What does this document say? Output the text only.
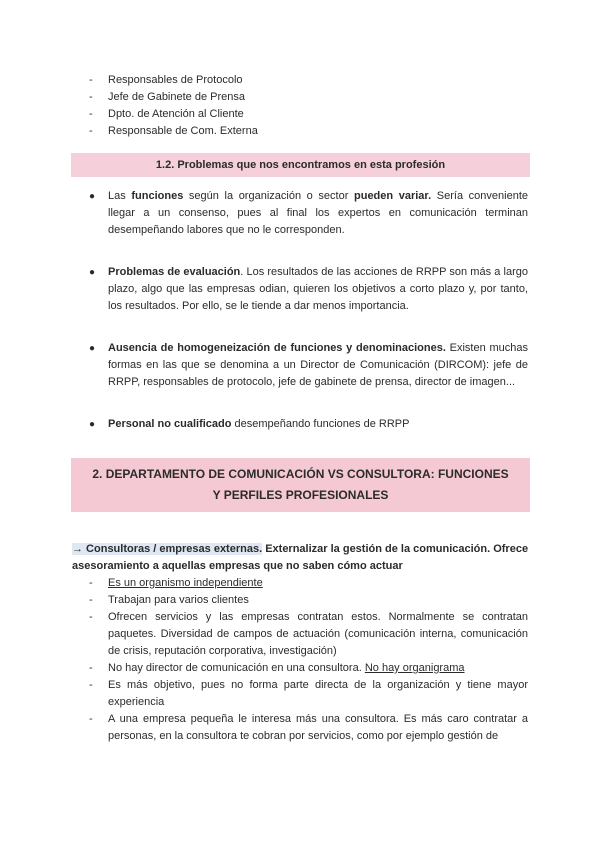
- Responsables de Protocolo
- Jefe de Gabinete de Prensa
- Dpto. de Atención al Cliente
- Responsable de Com. Externa
1.2. Problemas que nos encontramos en esta profesión
● Las funciones según la organización o sector pueden variar. Sería conveniente llegar a un consenso, pues al final los expertos en comunicación terminan desempeñando labores que no le corresponden.
● Problemas de evaluación. Los resultados de las acciones de RRPP son más a largo plazo, algo que las empresas odian, quieren los objetivos a corto plazo y, por tanto, los resultados. Por ello, se le tiende a dar menos importancia.
● Ausencia de homogeneización de funciones y denominaciones. Existen muchas formas en las que se denomina a un Director de Comunicación (DIRCOM): jefe de RRPP, responsables de protocolo, jefe de gabinete de prensa, director de imagen...
● Personal no cualificado desempeñando funciones de RRPP
2. DEPARTAMENTO DE COMUNICACIÓN VS CONSULTORA: FUNCIONES Y PERFILES PROFESIONALES
→ Consultoras / empresas externas. Externalizar la gestión de la comunicación. Ofrece asesoramiento a aquellas empresas que no saben cómo actuar
- Es un organismo independiente
- Trabajan para varios clientes
- Ofrecen servicios y las empresas contratan estos. Normalmente se contratan paquetes. Diversidad de campos de actuación (comunicación interna, comunicación de crisis, reputación corporativa, investigación)
- No hay director de comunicación en una consultora. No hay organigrama
- Es más objetivo, pues no forma parte directa de la organización y tiene mayor experiencia
- A una empresa pequeña le interesa más una consultora. Es más caro contratar a personas, en la consultora te cobran por servicios, como por ejemplo gestión de
